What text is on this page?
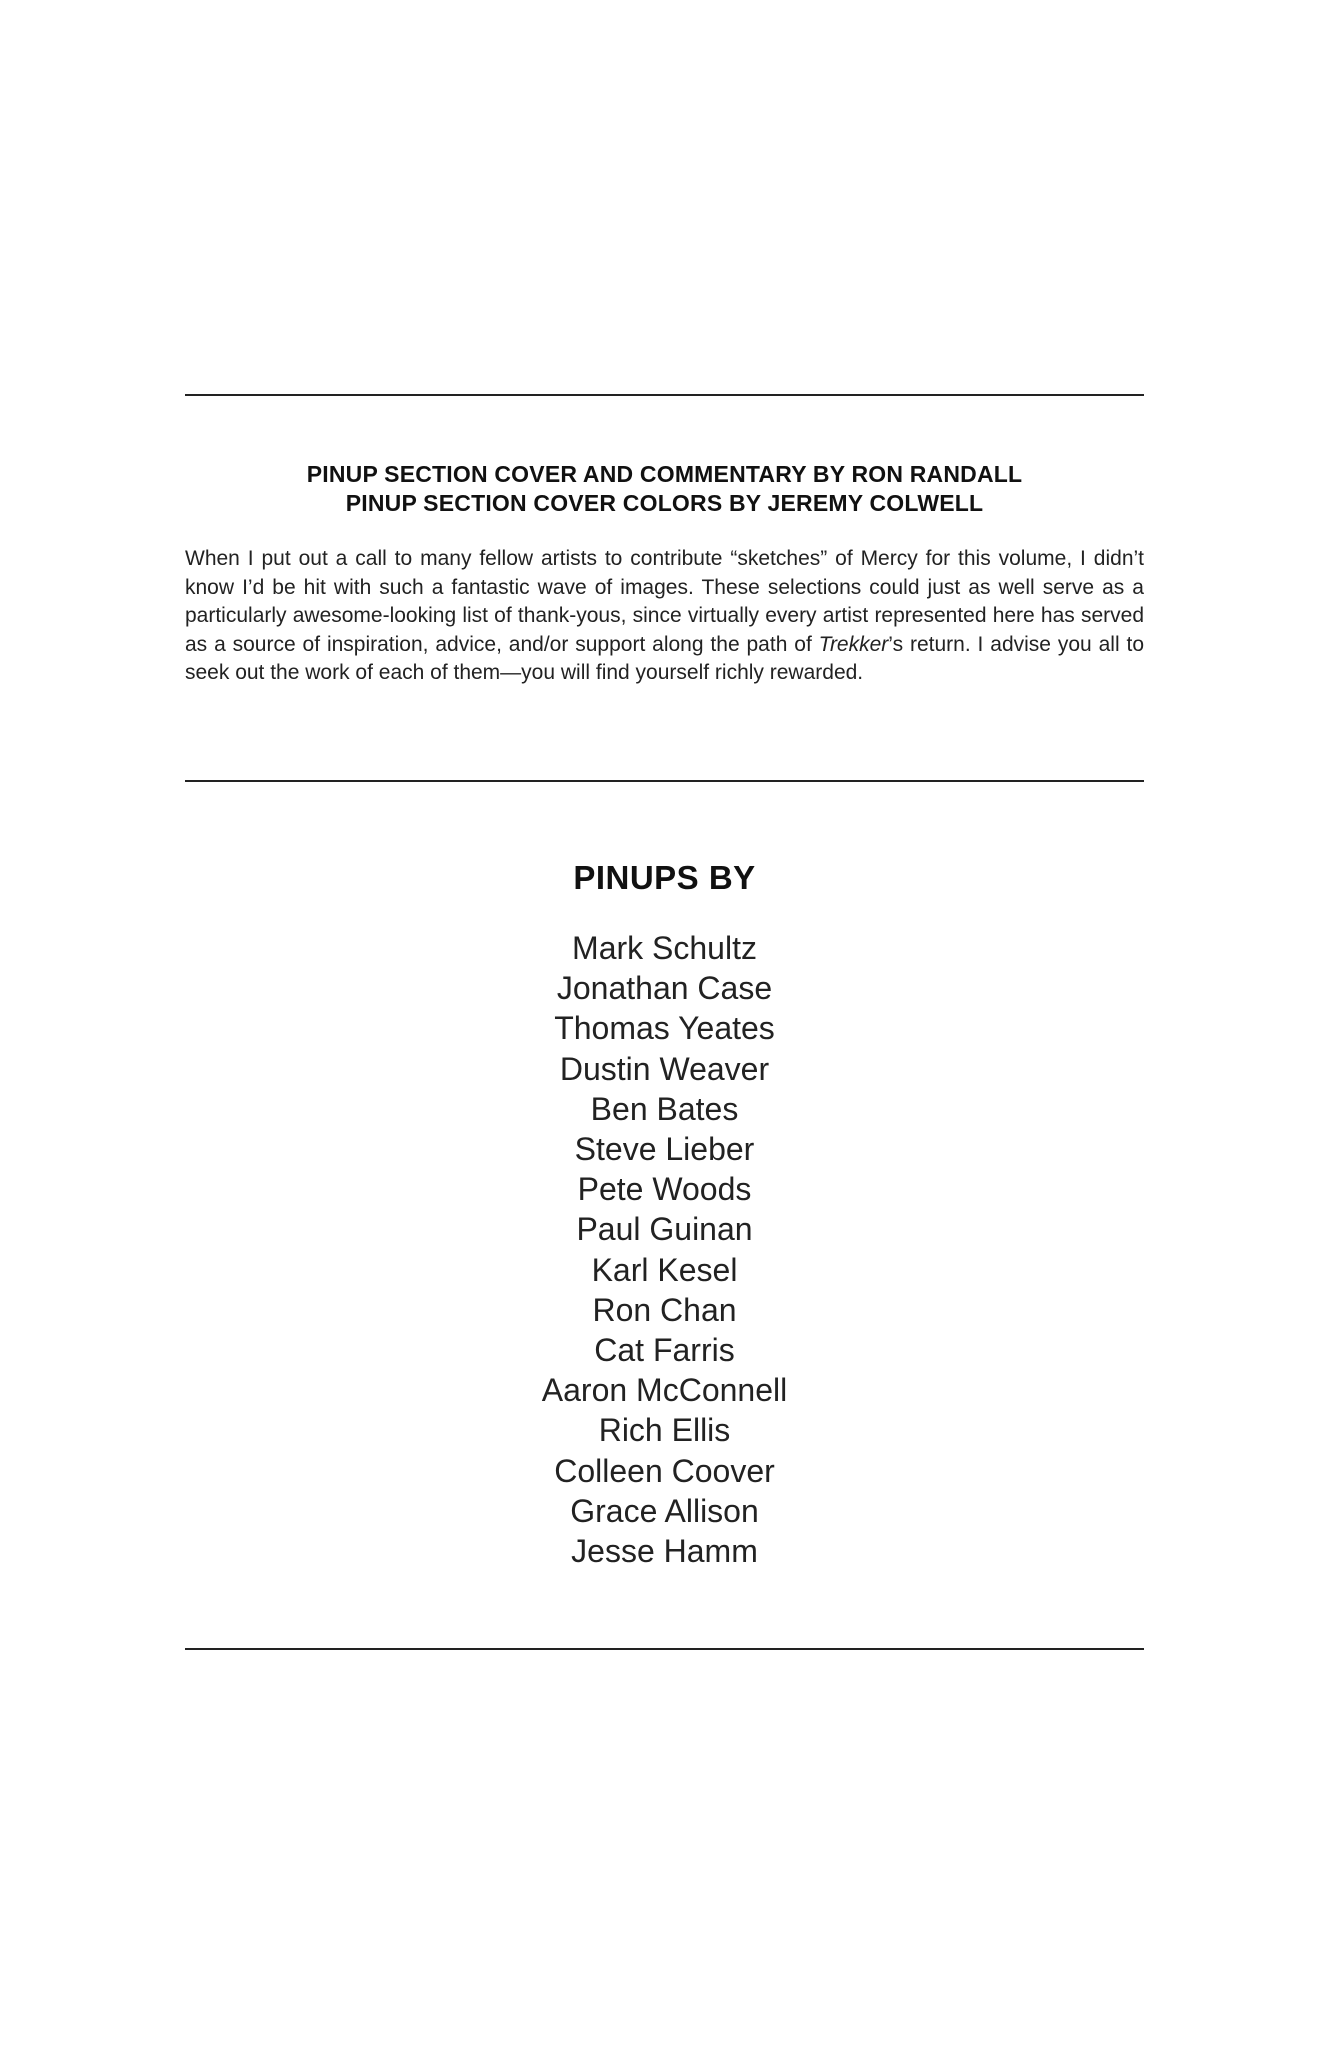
PINUP SECTION COVER AND COMMENTARY BY RON RANDALL
PINUP SECTION COVER COLORS BY JEREMY COLWELL

When I put out a call to many fellow artists to contribute “sketches” of Mercy for this volume, I didn’t know I’d be hit with such a fantastic wave of images. These selections could just as well serve as a particularly awesome-looking list of thank-yous, since virtually every artist represented here has served as a source of inspiration, advice, and/or support along the path of Trekker’s return. I advise you all to seek out the work of each of them—you will find yourself richly rewarded.

PINUPS BY
Mark Schultz
Jonathan Case
Thomas Yeates
Dustin Weaver
Ben Bates
Steve Lieber
Pete Woods
Paul Guinan
Karl Kesel
Ron Chan
Cat Farris
Aaron McConnell
Rich Ellis
Colleen Coover
Grace Allison
Jesse Hamm
